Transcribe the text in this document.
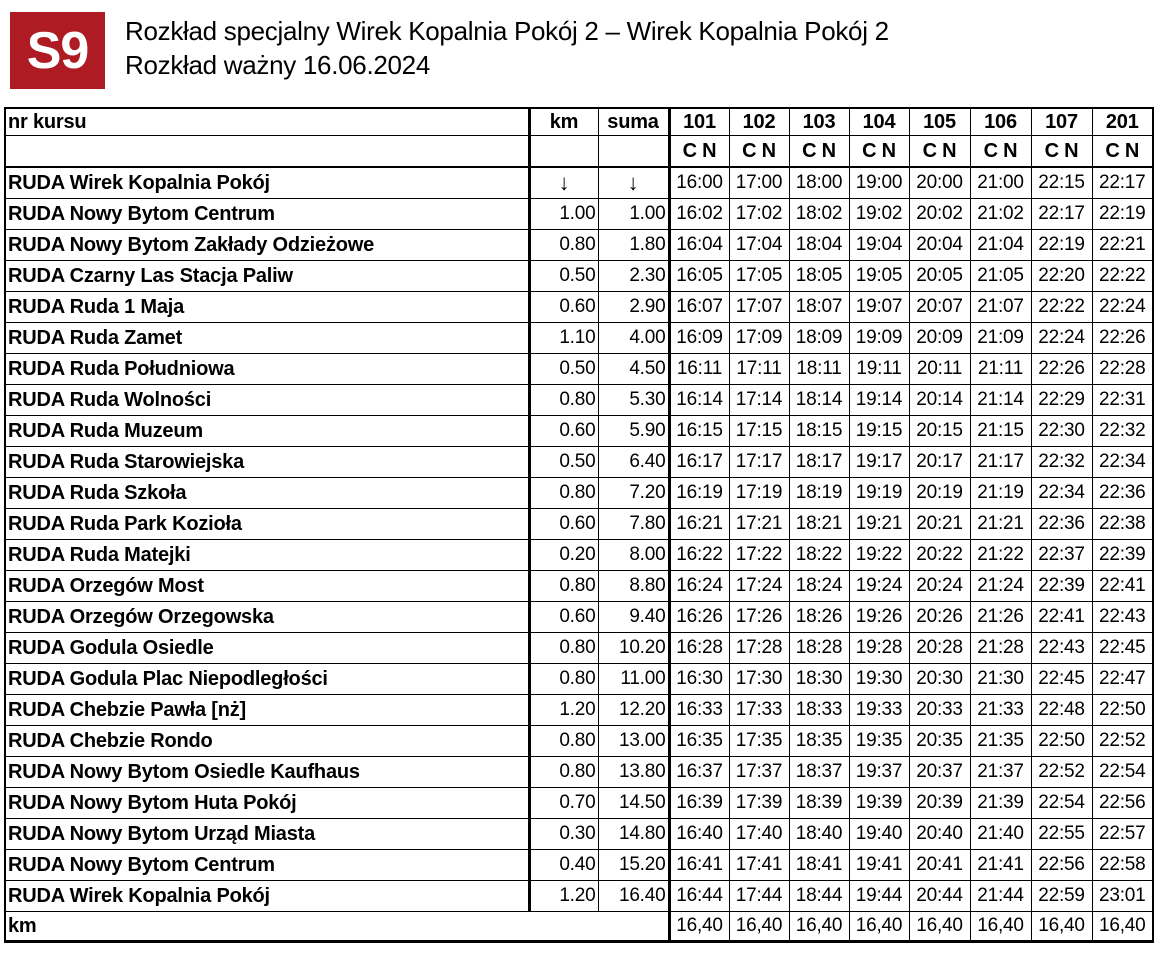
S9	Rozkład specjalny Wirek Kopalnia Pokój 2 – Wirek Kopalnia Pokój 2
Rozkład ważny 16.06.2024
nr kursu	km	suma	101	102	103	104	105	106	107	201
			C N	C N	C N	C N	C N	C N	C N	C N
RUDA Wirek Kopalnia Pokój	↓	↓	16:00	17:00	18:00	19:00	20:00	21:00	22:15	22:17
RUDA Nowy Bytom Centrum	1.00	1.00	16:02	17:02	18:02	19:02	20:02	21:02	22:17	22:19
RUDA Nowy Bytom Zakłady Odzieżowe	0.80	1.80	16:04	17:04	18:04	19:04	20:04	21:04	22:19	22:21
RUDA Czarny Las Stacja Paliw	0.50	2.30	16:05	17:05	18:05	19:05	20:05	21:05	22:20	22:22
RUDA Ruda 1 Maja	0.60	2.90	16:07	17:07	18:07	19:07	20:07	21:07	22:22	22:24
RUDA Ruda Zamet	1.10	4.00	16:09	17:09	18:09	19:09	20:09	21:09	22:24	22:26
RUDA Ruda Południowa	0.50	4.50	16:11	17:11	18:11	19:11	20:11	21:11	22:26	22:28
RUDA Ruda Wolności	0.80	5.30	16:14	17:14	18:14	19:14	20:14	21:14	22:29	22:31
RUDA Ruda Muzeum	0.60	5.90	16:15	17:15	18:15	19:15	20:15	21:15	22:30	22:32
RUDA Ruda Starowiejska	0.50	6.40	16:17	17:17	18:17	19:17	20:17	21:17	22:32	22:34
RUDA Ruda Szkoła	0.80	7.20	16:19	17:19	18:19	19:19	20:19	21:19	22:34	22:36
RUDA Ruda Park Kozioła	0.60	7.80	16:21	17:21	18:21	19:21	20:21	21:21	22:36	22:38
RUDA Ruda Matejki	0.20	8.00	16:22	17:22	18:22	19:22	20:22	21:22	22:37	22:39
RUDA Orzegów Most	0.80	8.80	16:24	17:24	18:24	19:24	20:24	21:24	22:39	22:41
RUDA Orzegów Orzegowska	0.60	9.40	16:26	17:26	18:26	19:26	20:26	21:26	22:41	22:43
RUDA Godula Osiedle	0.80	10.20	16:28	17:28	18:28	19:28	20:28	21:28	22:43	22:45
RUDA Godula Plac Niepodległości	0.80	11.00	16:30	17:30	18:30	19:30	20:30	21:30	22:45	22:47
RUDA Chebzie Pawła [nż]	1.20	12.20	16:33	17:33	18:33	19:33	20:33	21:33	22:48	22:50
RUDA Chebzie Rondo	0.80	13.00	16:35	17:35	18:35	19:35	20:35	21:35	22:50	22:52
RUDA Nowy Bytom Osiedle Kaufhaus	0.80	13.80	16:37	17:37	18:37	19:37	20:37	21:37	22:52	22:54
RUDA Nowy Bytom Huta Pokój	0.70	14.50	16:39	17:39	18:39	19:39	20:39	21:39	22:54	22:56
RUDA Nowy Bytom Urząd Miasta	0.30	14.80	16:40	17:40	18:40	19:40	20:40	21:40	22:55	22:57
RUDA Nowy Bytom Centrum	0.40	15.20	16:41	17:41	18:41	19:41	20:41	21:41	22:56	22:58
RUDA Wirek Kopalnia Pokój	1.20	16.40	16:44	17:44	18:44	19:44	20:44	21:44	22:59	23:01
km			16,40	16,40	16,40	16,40	16,40	16,40	16,40	16,40
